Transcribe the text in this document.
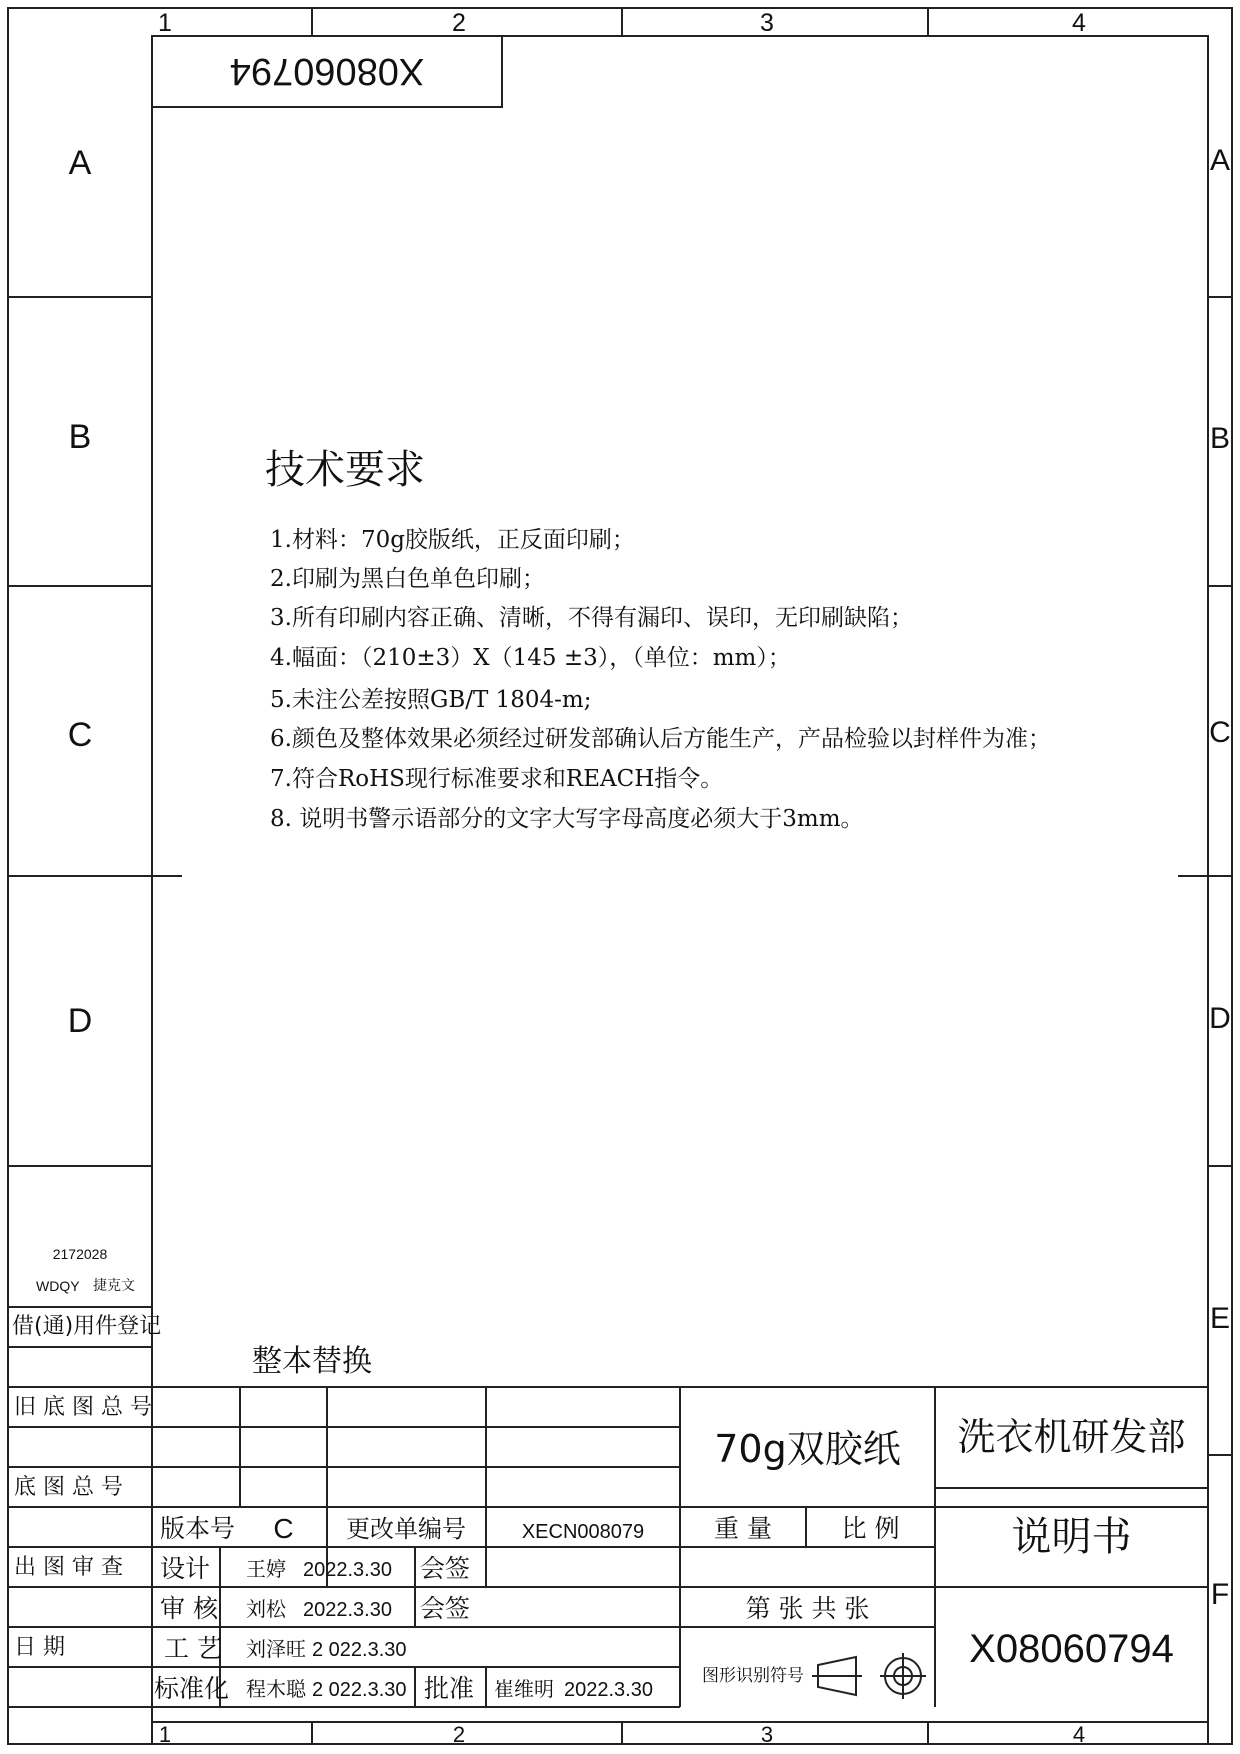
1	2	3	4
1	2	3	4
A
B
C
D
A
B
C
D
E
F
X08060794
技术要求
1.材料：70g胶版纸，正反面印刷；
2.印刷为黑白色单色印刷；
3.所有印刷内容正确、清晰，不得有漏印、误印，无印刷缺陷；
4.幅面：（210±3）X（145 ±3），（单位：mm）；
5.未注公差按照GB/T 1804-m;
6.颜色及整体效果必须经过研发部确认后方能生产，产品检验以封样件为准；
7.符合RoHS现行标准要求和REACH指令。
8. 说明书警示语部分的文字大写字母高度必须大于3mm。
2172028
WDQY 捷克文
借(通)用件登记
旧 底 图 总 号
底 图 总 号
出 图 审 查
日 期
整本替换
版本号	C	更改单编号	XECN008079
设计 王婷 2022.3.30 会签
审 核 刘松 2022.3.30 会签
工 艺 刘泽旺 2 022.3.30
标准化 程木聪 2 022.3.30 批准 崔维明 2022.3.30
70g双胶纸
重 量	比 例
第 张 共 张
图形识别符号
洗衣机研发部
说明书
X08060794
